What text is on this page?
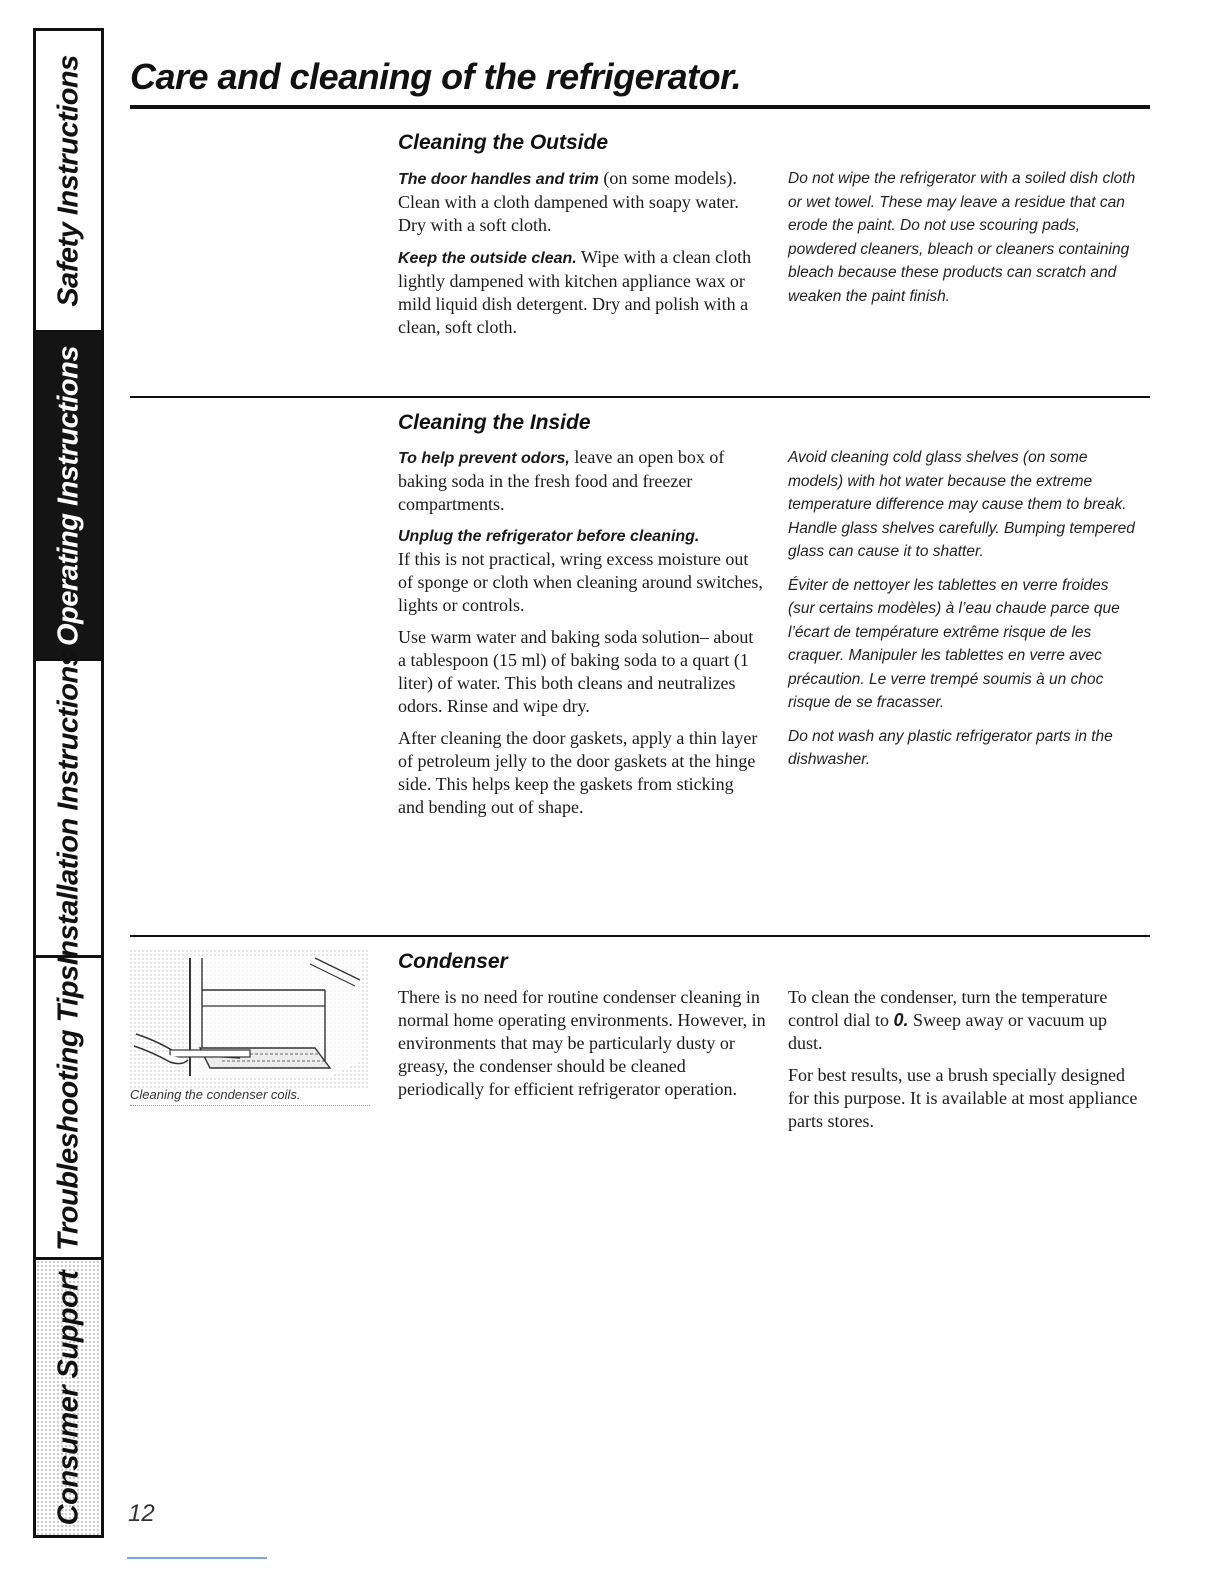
Safety Instructions
Operating Instructions
Installation Instructions
Troubleshooting Tips
Consumer Support
Care and cleaning of the refrigerator.
Cleaning the Outside

The door handles and trim (on some models). Clean with a cloth dampened with soapy water. Dry with a soft cloth.

Keep the outside clean. Wipe with a clean cloth lightly dampened with kitchen appliance wax or mild liquid dish detergent. Dry and polish with a clean, soft cloth.

Do not wipe the refrigerator with a soiled dish cloth or wet towel. These may leave a residue that can erode the paint. Do not use scouring pads, powdered cleaners, bleach or cleaners containing bleach because these products can scratch and weaken the paint finish.

Cleaning the Inside

To help prevent odors, leave an open box of baking soda in the fresh food and freezer compartments.

Unplug the refrigerator before cleaning.
If this is not practical, wring excess moisture out of sponge or cloth when cleaning around switches, lights or controls.

Use warm water and baking soda solution– about a tablespoon (15 ml) of baking soda to a quart (1 liter) of water. This both cleans and neutralizes odors. Rinse and wipe dry.

After cleaning the door gaskets, apply a thin layer of petroleum jelly to the door gaskets at the hinge side. This helps keep the gaskets from sticking and bending out of shape.

Avoid cleaning cold glass shelves (on some models) with hot water because the extreme temperature difference may cause them to break. Handle glass shelves carefully. Bumping tempered glass can cause it to shatter.

Éviter de nettoyer les tablettes en verre froides (sur certains modèles) à l’eau chaude parce que l’écart de température extrême risque de les craquer. Manipuler les tablettes en verre avec précaution. Le verre trempé soumis à un choc risque de se fracasser.

Do not wash any plastic refrigerator parts in the dishwasher.

Cleaning the condenser coils.
Condenser

There is no need for routine condenser cleaning in normal home operating environments. However, in environments that may be particularly dusty or greasy, the condenser should be cleaned periodically for efficient refrigerator operation.

To clean the condenser, turn the temperature control dial to 0. Sweep away or vacuum up dust.

For best results, use a brush specially designed for this purpose. It is available at most appliance parts stores.

12
